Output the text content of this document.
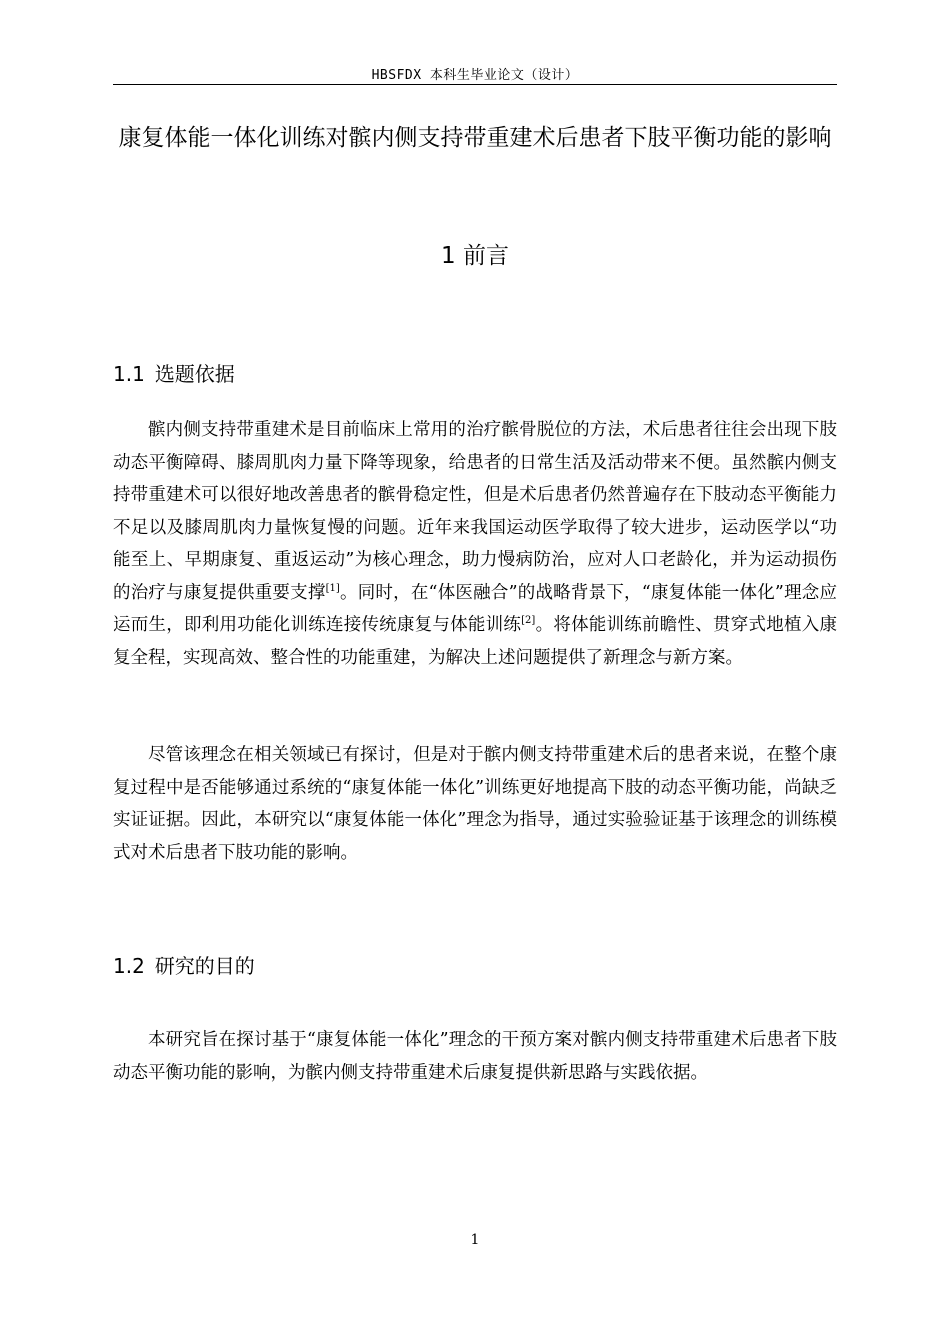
HBSFDX 本科生毕业论文（设计）
康复体能一体化训练对髌内侧支持带重建术后患者下肢平衡功能的影响
1 前言
1.1 选题依据

髌内侧支持带重建术是目前临床上常用的治疗髌骨脱位的方法，术后患者往往会出现下肢动态平衡障碍、膝周肌肉力量下降等现象，给患者的日常生活及活动带来不便。虽然髌内侧支持带重建术可以很好地改善患者的髌骨稳定性，但是术后患者仍然普遍存在下肢动态平衡能力不足以及膝周肌肉力量恢复慢的问题。近年来我国运动医学取得了较大进步，运动医学以“功能至上、早期康复、重返运动”为核心理念，助力慢病防治，应对人口老龄化，并为运动损伤的治疗与康复提供重要支撑[1]。同时，在“体医融合”的战略背景下，“康复体能一体化”理念应运而生，即利用功能化训练连接传统康复与体能训练[2]。将体能训练前瞻性、贯穿式地植入康复全程，实现高效、整合性的功能重建，为解决上述问题提供了新理念与新方案。

尽管该理念在相关领域已有探讨，但是对于髌内侧支持带重建术后的患者来说，在整个康复过程中是否能够通过系统的“康复体能一体化”训练更好地提高下肢的动态平衡功能，尚缺乏实证证据。因此，本研究以“康复体能一体化”理念为指导，通过实验验证基于该理念的训练模式对术后患者下肢功能的影响。

1.2 研究的目的

本研究旨在探讨基于“康复体能一体化”理念的干预方案对髌内侧支持带重建术后患者下肢动态平衡功能的影响，为髌内侧支持带重建术后康复提供新思路与实践依据。

1
